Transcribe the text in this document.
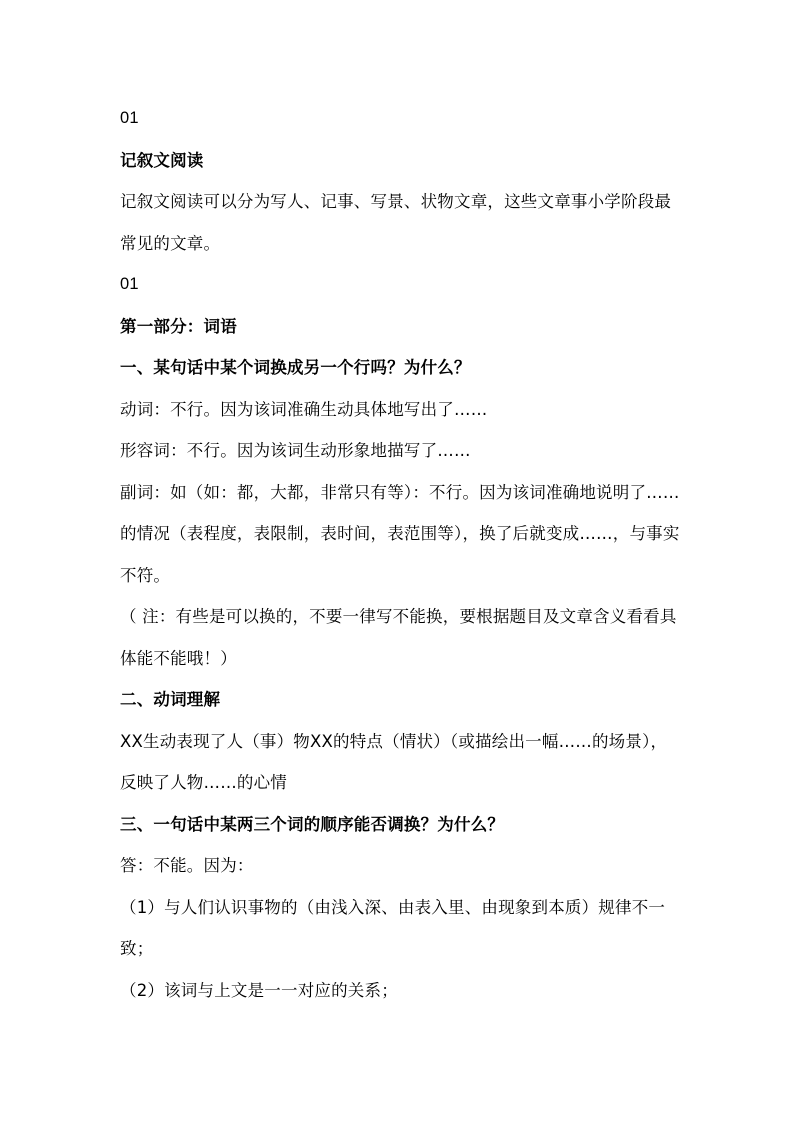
01

记叙文阅读

记叙文阅读可以分为写人、记事、写景、状物文章，这些文章事小学阶段最常见的文章。

01

第一部分：词语

一、某句话中某个词换成另一个行吗？为什么？

动词：不行。因为该词准确生动具体地写出了……

形容词：不行。因为该词生动形象地描写了……

副词：如（如：都，大都，非常只有等）：不行。因为该词准确地说明了……的情况（表程度，表限制，表时间，表范围等），换了后就变成……，与事实不符。

（ 注：有些是可以换的，不要一律写不能换，要根据题目及文章含义看看具体能不能哦！）

二、动词理解

XX生动表现了人（事）物XX的特点（情状）（或描绘出一幅……的场景），反映了人物……的心情

三、一句话中某两三个词的顺序能否调换？为什么？

答：不能。因为：

（1）与人们认识事物的（由浅入深、由表入里、由现象到本质）规律不一致；

（2）该词与上文是一一对应的关系；
